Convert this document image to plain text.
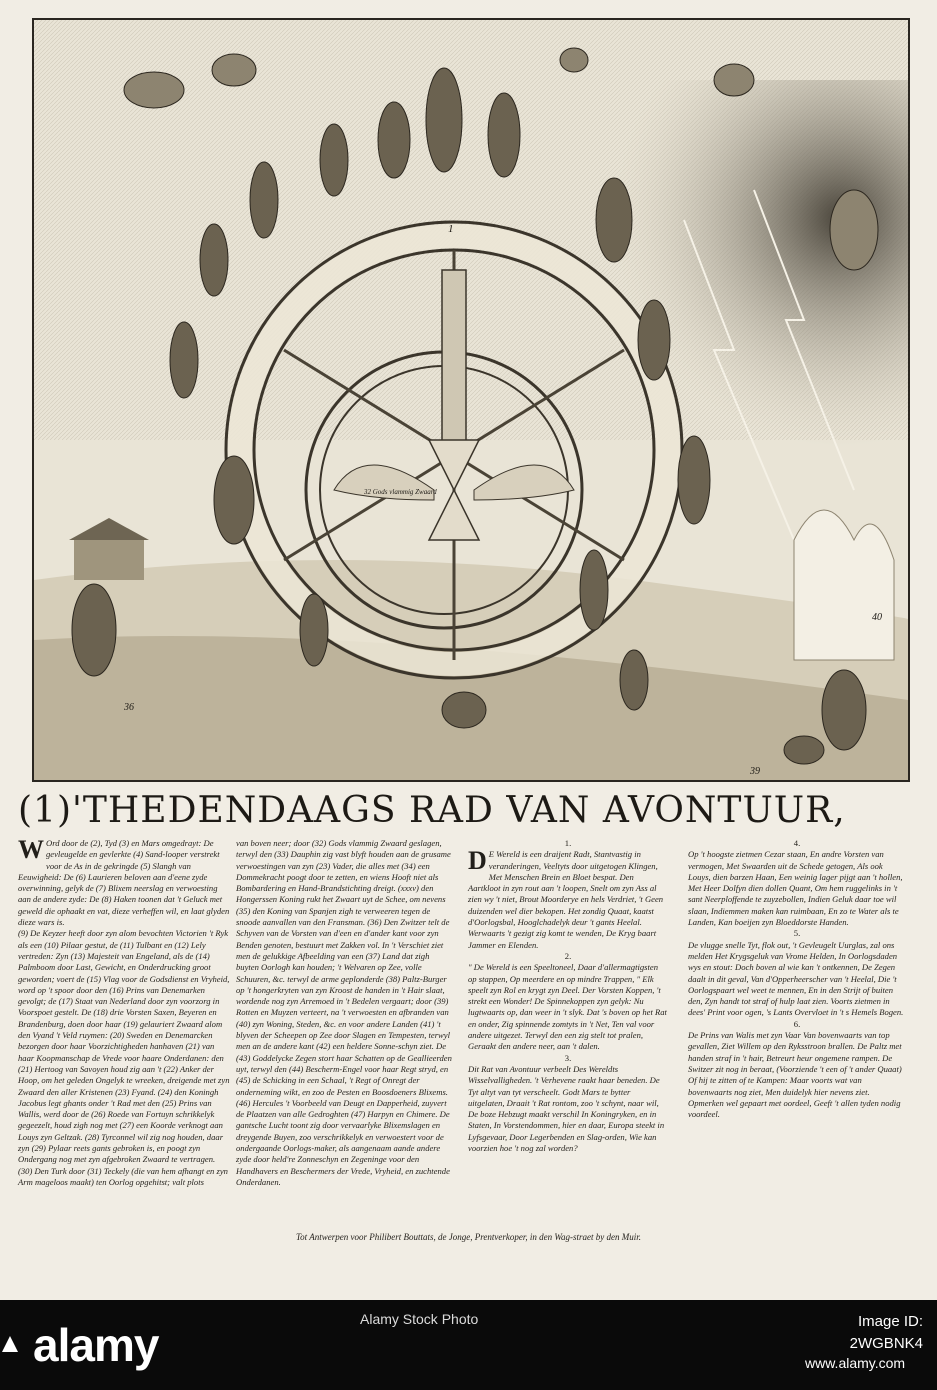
1
36
39
40
32 Gods vlammig Zwaard
(1)'THEDENDAAGS RAD VAN AVONTUUR,

W Ord door de (2), Tyd (3) en Mars omgedrayt: De gevleugelde en gevlerkte (4) Sand-looper verstrekt voor de As in de gekringde (5) Slangh van Eeuwigheid: De (6) Laurieren beloven aan d'eene zyde overwinning, gelyk de (7) Blixem neerslag en verwoesting aan de andere zyde: De (8) Haken toonen dat 't Geluck met geweld die ophaakt en vat, dieze verheffen wil, en laat glyden dieze wars is.

(9) De Keyzer heeft door zyn alom bevochten Victorien 't Ryk als een (10) Pilaar gestut, de (11) Tulbant en (12) Lely vertreden: Zyn (13) Majesteit van Engeland, als de (14) Palmboom door Last, Gewicht, en Onderdrucking groot geworden; voert de (15) Vlag voor de Godsdienst en Vryheid, word op 't spoor door den (16) Prins van Denemarken gevolgt; de (17) Staat van Nederland door zyn voorzorg in Voorspoet gestelt. De (18) drie Vorsten Saxen, Beyeren en Brandenburg, doen door haar (19) gelauriert Zwaard alom den Vyand 't Veld ruymen: (20) Sweden en Denemarcken bezorgen door haar Voorzichtigheden hanhaven (21) van haar Koopmanschap de Vrede voor haare Onderdanen: den (21) Hertoog van Savoyen houd zig aan 't (22) Anker der Hoop, om het geleden Ongelyk te wreeken, dreigende met zyn Zwaard den aller Kristenen (23) Fyand. (24) den Koningh Jacobus legt ghants onder 't Rad met den (25) Prins van Wallis, werd door de (26) Roede van Fortuyn schrikkelyk gegeezelt, houd zigh nog met (27) een Koorde verknogt aan Louys zyn Geltzak. (28) Tyrconnel wil zig nog houden, daar zyn (29) Pylaar reets gants gebroken is, en poogt zyn Ondergang nog met zyn afgebroken Zwaard te vertragen. (30) Den Turk door (31) Teckely (die van hem afhangt en zyn Arm mageloos maakt) ten Oorlog opgehitst; valt plots

van boven neer; door (32) Gods vlammig Zwaard geslagen, terwyl den (33) Dauphin zig vast blyft houden aan de grusame verwoestingen van zyn (23) Vader, die alles met (34) een Dommekracht poogt door te zetten, en wiens Hooft niet als Bombardering en Hand-Brandstichting dreigt. (xxxv) den Hongerssen Koning rukt het Zwaart uyt de Schee, om nevens (35) den Koning van Spanjen zigh te verweeren tegen de snoode aanvallen van den Fransman. (36) Den Zwitzer telt de Schyven van de Vorsten van d'een en d'ander kant voor zyn Benden genoten, bestuurt met Zakken vol. In 't Verschiet ziet men de gelukkige Afbeelding van een (37) Land dat zigh buyten Oorlogh kan houden; 't Welvaren op Zee, volle Schuuren, &c. terwyl de arme geplonderde (38) Paltz-Burger op 't hongerkryten van zyn Kroost de handen in 't Hair slaat, wordende nog zyn Arremoed in 't Bedelen vergaart; door (39) Rotten en Muyzen verteert, na 't verwoesten en afbranden van (40) zyn Woning, Steden, &c. en voor andere Landen (41) 't blyven der Scheepen op Zee door Slagen en Tempesten, terwyl men an de andere kant (42) een heldere Sonne-schyn ziet. De (43) Goddelycke Zegen stort haar Schatten op de Geallieerden uyt, terwyl den (44) Bescherm-Engel voor haar Regt stryd, en (45) de Schicking in een Schaal, 't Regt of Onregt der onderneming wikt, en zoo de Pesten en Boosdoeners Blixems. (46) Hercules 't Voorbeeld van Deugt en Dapperheid, zuyvert de Plaatzen van alle Gedroghten (47) Harpyn en Chimere. De gantsche Lucht toont zig door vervaarlyke Blixemslagen en dreygende Buyen, zoo verschrikkelyk en verwoestert voor de ondergaande Oorlogs-maker, als aangenaam aande andere zyde door held're Zonneschyn en Zegeninge voor den Handhavers en Beschermers der Vrede, Vryheid, en zuchtende Onderdanen.

1.

D E Wereld is een draijent Radt, Stantvastig in veranderingen, Veeltyts door uitgetogen Klingen, Met Menschen Brein en Bloet bespat. Den Aartkloot in zyn rout aan 't loopen, Snelt om zyn Ass al zien wy 't niet, Brout Moorderye en hels Verdriet, 't Geen duizenden wel dier bekopen. Het zondig Quaat, kaatst d'Oorlogsbal, Hooglchadelyk deur 't gants Heelal. Werwaarts 't gezigt zig komt te wenden, De Kryg baart Jammer en Elenden.

2.

" De Wereld is een Speeltoneel, Daar d'allermagtigsten op stappen, Op meerdere en op mindre Trappen, " Elk speelt zyn Rol en krygt zyn Deel. Der Vorsten Koppen, 't strekt een Wonder! De Spinnekoppen zyn gelyk: Nu lugtwaarts op, dan weer in 't slyk. Dat 's boven op het Rat en onder, Zig spinnende zomtyts in 't Net, Ten val voor andere uitgezet. Terwyl den een zig stelt tot pralen, Geraakt den andere neer, aan 't dalen.

3.

Dit Rat van Avontuur verbeelt Des Wereldts Wisselvalligheden. 't Verhevene raakt haar beneden. De Tyt altyt van tyt verscheelt. Godt Mars te bytter uitgelaten, Draait 't Rat rontom, zoo 't schynt, naar wil, De boze Hebzugt maakt verschil In Koningryken, en in Staten, In Vorstendommen, hier en daar, Europa steekt in Lyfsgevaar, Door Legerbenden en Slag-orden, Wie kan voorzien hoe 't nog zal worden?

4.

Op 't hoogste zietmen Cezar staan, En andre Vorsten van vermogen, Met Swaarden uit de Schede getogen, Als ook Louys, dien barzen Haan, Een weinig lager pijgt aan 't hollen, Met Heer Dolfyn dien dollen Quant, Om hem ruggelinks in 't sant Neerploffende te zuyzebollen, Indien Geluk daar toe wil slaan, Indiemmen maken kan ruimbaan, En zo te Water als te Landen, Kan boeijen zyn Bloeddorste Handen.

5.

De vlugge snelle Tyt, flok out, 't Gevleugelt Uurglas, zal ons melden Het Krygsgeluk van Vrome Helden, In Oorlogsdaden wys en stout: Doch boven al wie kan 't ontkennen, De Zegen daalt in dit geval, Van d'Opperheerscher van 't Heelal, Die 't Oorlogspaart wel weet te mennen, En in den Strijt of buiten den, Zyn handt tot straf of hulp laat zien. Voorts zietmen in dees' Print voor ogen, 's Lants Overvloet in 't s Hemels Bogen.

6.

De Prins van Walis met zyn Vaar Van bovenwaarts van top gevallen, Ziet Willem op den Ryksstroon brallen. De Paltz met handen straf in 't hair, Betreurt heur ongemene rampen. De Switzer zit nog in beraat, (Voorziende 't een of 't ander Quaat) Of hij te zitten of te Kampen: Maar voorts wat van bovenwaarts nog ziet, Men duidelyk hier nevens ziet. Opmerken wel gepaart met oordeel, Geeft 't allen tyden nodig voordeel.

Tot Antwerpen voor Philibert Bouttats, de Jonge, Prentverkoper, in den Wag-straet by den Muir.
alamy	Alamy Stock Photo	Image ID: 2WGBNK4
www.alamy.com
